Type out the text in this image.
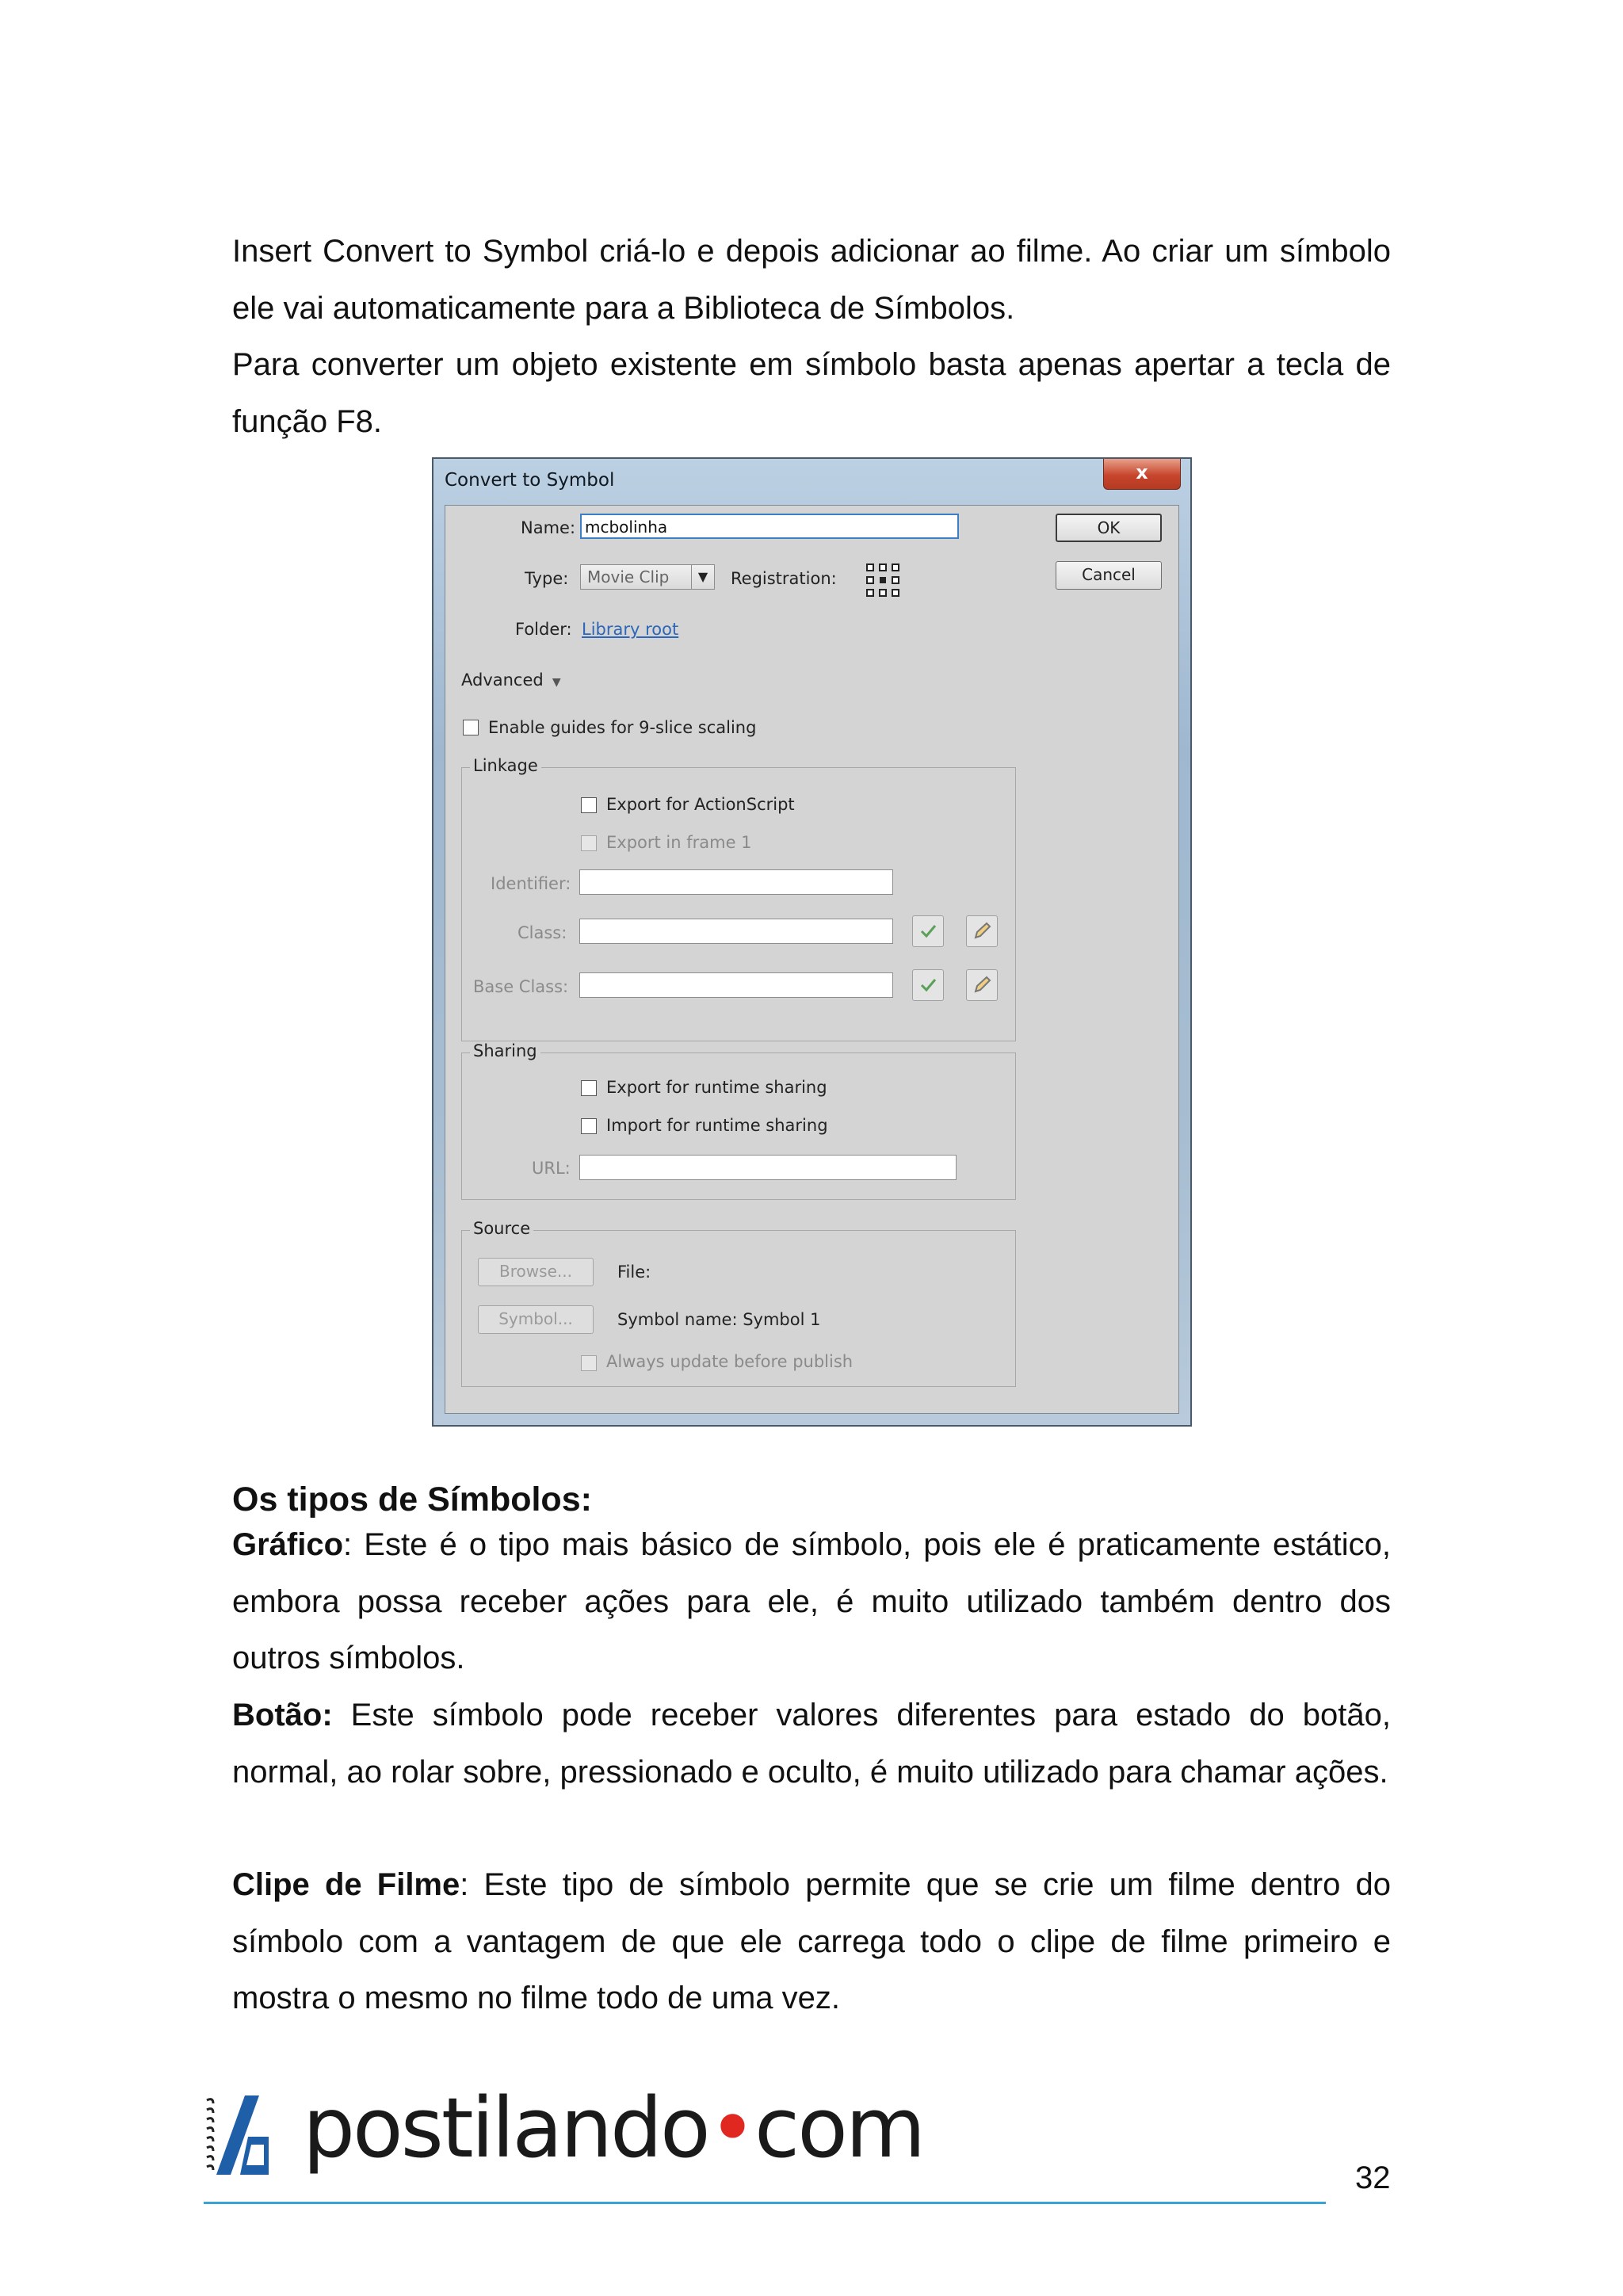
Insert Convert to Symbol criá-lo e depois adicionar ao filme. Ao criar um símbolo ele vai automaticamente para a Biblioteca de Símbolos.

Para converter um objeto existente em símbolo basta apenas apertar a tecla de função F8.

Convert to Symbol	x
Name: mcbolinha	OK
Cancel
Type:	Movie Clip	▼	Registration:
Folder: Library root
Advanced  ▼
Enable guides for 9-slice scaling
Linkage
Export for ActionScript
Export in frame 1
Identifier:
Class:
Base Class:
Sharing
Export for runtime sharing
Import for runtime sharing
URL:
Source
Browse...	File:
Symbol...	Symbol name: Symbol 1
Always update before publish
Os tipos de Símbolos:

Gráfico: Este é o tipo mais básico de símbolo, pois ele é praticamente estático, embora possa receber ações para ele, é muito utilizado também dentro dos outros símbolos.

Botão: Este símbolo pode receber valores diferentes para estado do botão, normal, ao rolar sobre, pressionado e oculto, é muito utilizado para chamar ações.

Clipe de Filme: Este tipo de símbolo permite que se crie um filme dentro do símbolo com a vantagem de que ele carrega todo o clipe de filme primeiro e mostra o mesmo no filme todo de uma vez.

postilando•com
32
